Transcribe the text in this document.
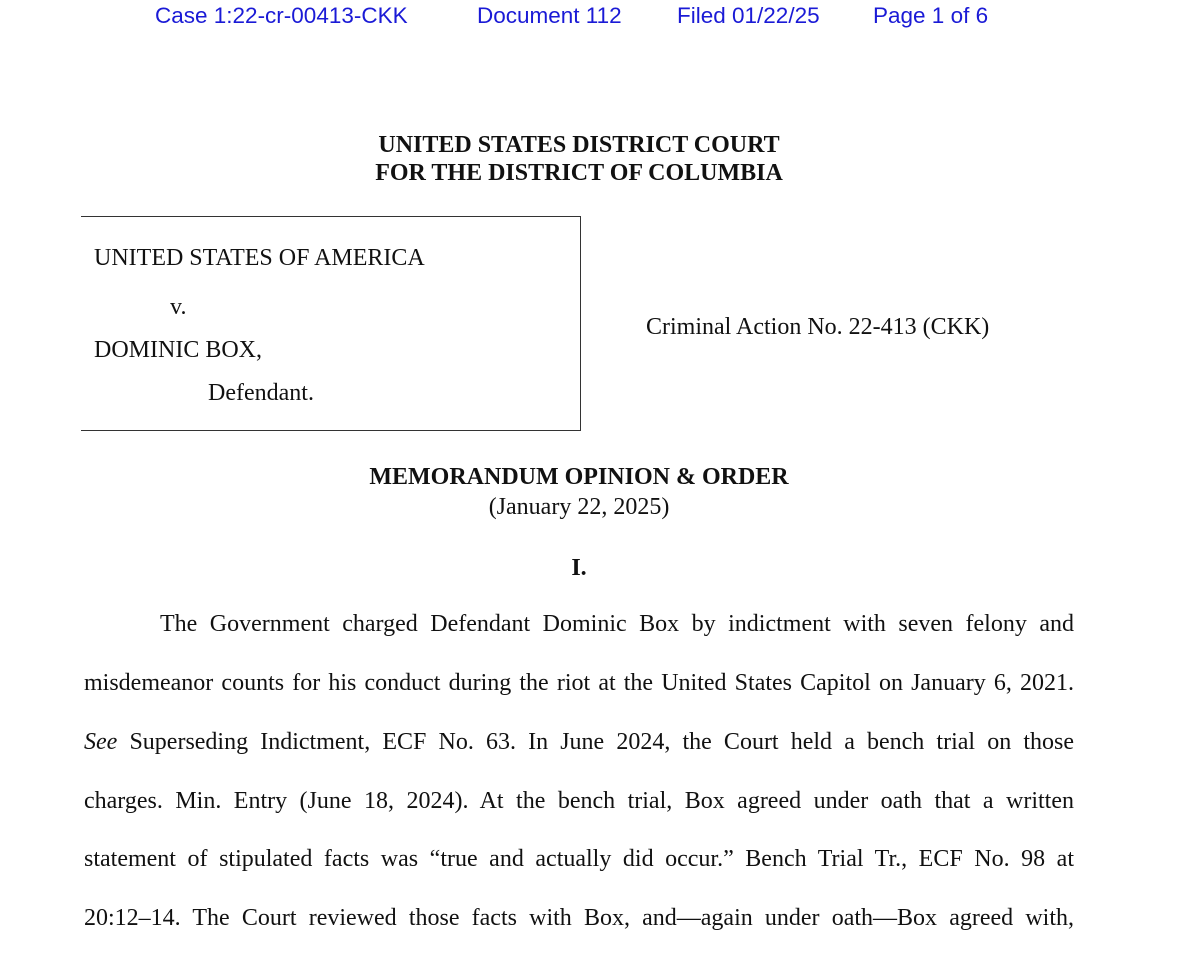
Case 1:22-cr-00413-CKK	Document 112 Filed 01/22/25 Page 1 of 6
UNITED STATES DISTRICT COURT
FOR THE DISTRICT OF COLUMBIA
UNITED STATES OF AMERICA
v.
DOMINIC BOX,
Defendant.
Criminal Action No. 22-413 (CKK)
MEMORANDUM OPINION & ORDER
(January 22, 2025)
I.
The Government charged Defendant Dominic Box by indictment with seven felony and
misdemeanor counts for his conduct during the riot at the United States Capitol on January 6, 2021.
See Superseding Indictment, ECF No. 63. In June 2024, the Court held a bench trial on those
charges. Min. Entry (June 18, 2024). At the bench trial, Box agreed under oath that a written
statement of stipulated facts was “true and actually did occur.” Bench Trial Tr., ECF No. 98 at
20:12–14. The Court reviewed those facts with Box, and—again under oath—Box agreed with,
